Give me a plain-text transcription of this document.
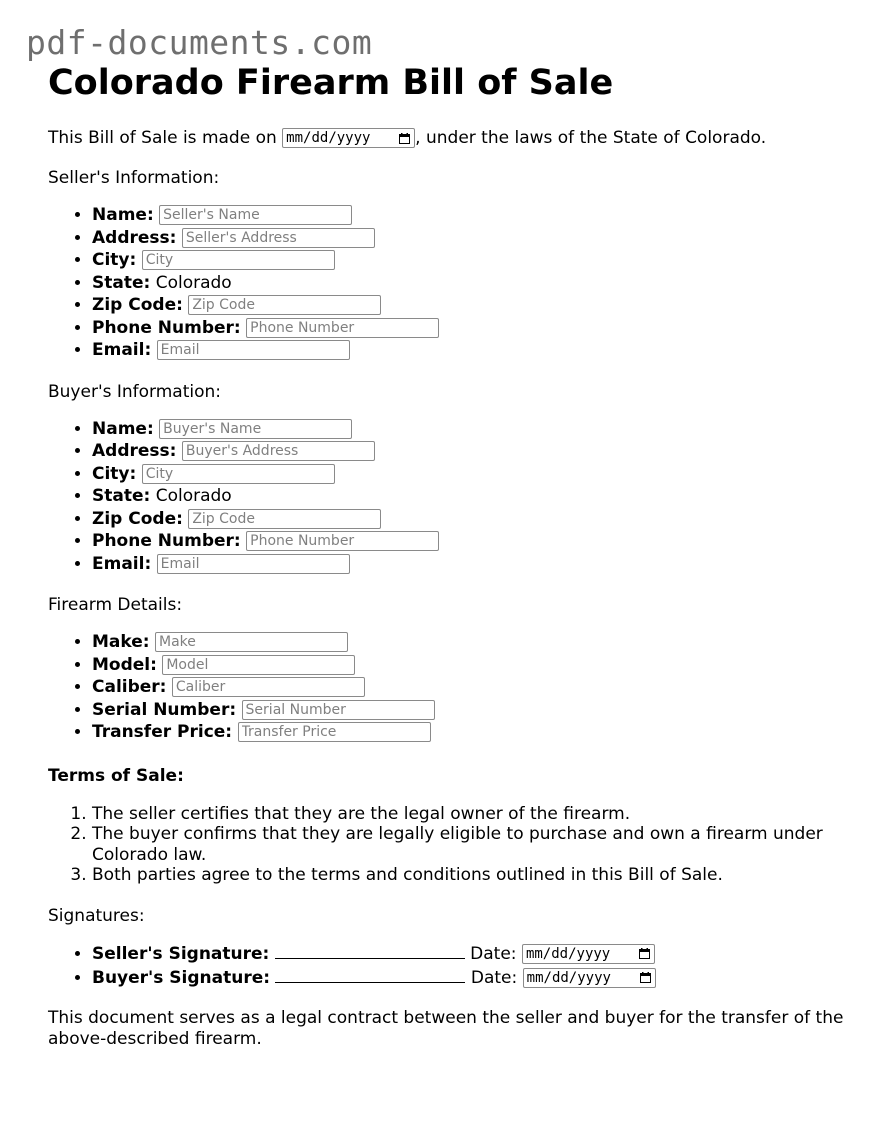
pdf-documents.com
Colorado Firearm Bill of Sale

This Bill of Sale is made on mm/dd/yyyy	, under the laws of the State of Colorado.

Seller's Information:

• Name: Seller's Name
• Address: Seller's Address
• City: City
• State: Colorado
• Zip Code: Zip Code
• Phone Number: Phone Number
• Email: Email

Buyer's Information:

• Name: Buyer's Name
• Address: Buyer's Address
• City: City
• State: Colorado
• Zip Code: Zip Code
• Phone Number: Phone Number
• Email: Email

Firearm Details:

• Make: Make
• Model: Model
• Caliber: Caliber
• Serial Number: Serial Number
• Transfer Price: Transfer Price

Terms of Sale:

1. The seller certifies that they are the legal owner of the firearm.
2. The buyer confirms that they are legally eligible to purchase and own a firearm under Colorado law.
3. Both parties agree to the terms and conditions outlined in this Bill of Sale.

Signatures:

• Seller's Signature:	Date: mm/dd/yyyy
• Buyer's Signature:	Date: mm/dd/yyyy

This document serves as a legal contract between the seller and buyer for the transfer of the above-described firearm.
